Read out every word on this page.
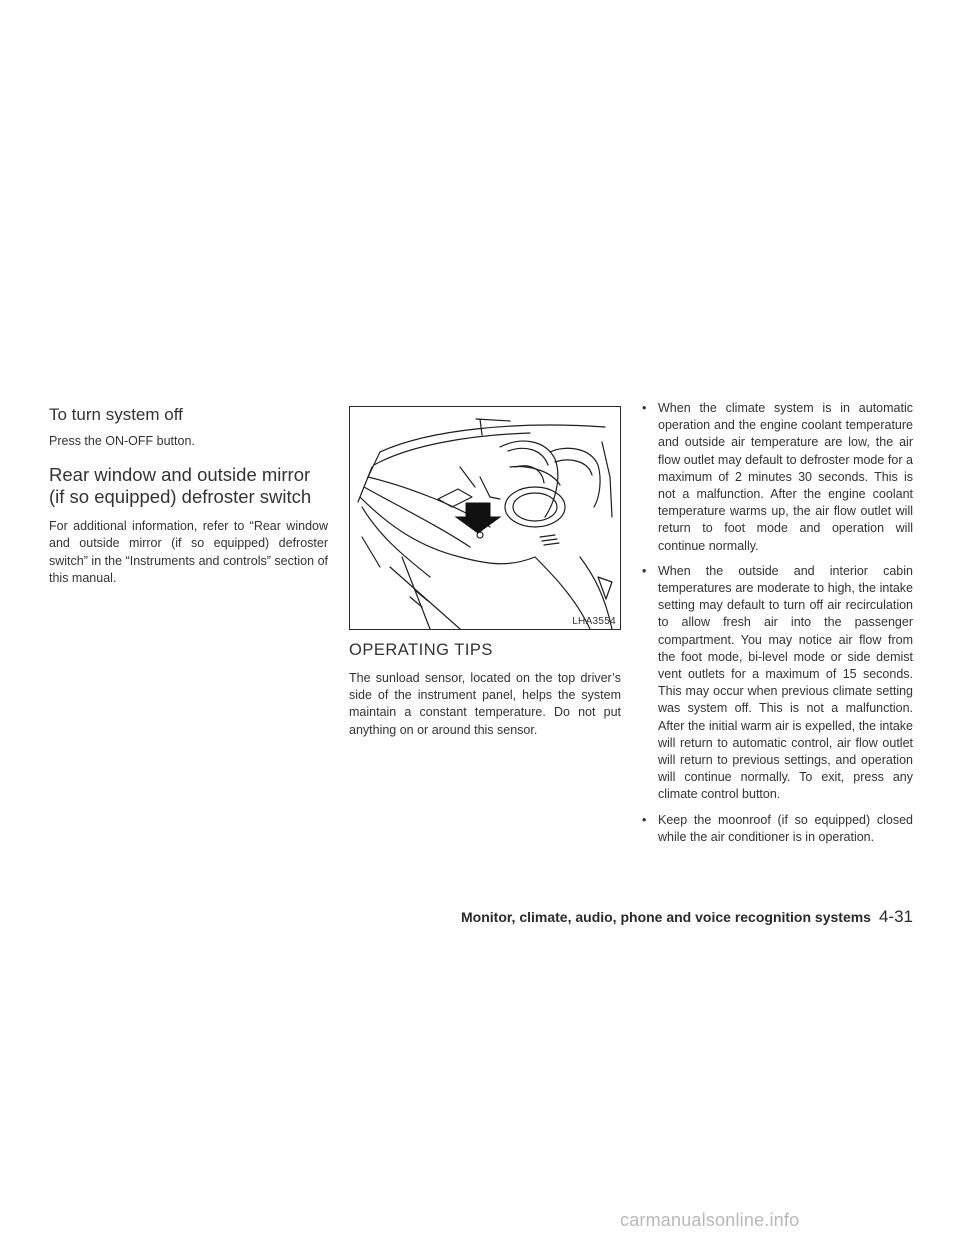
To turn system off

Press the ON-OFF button.

Rear window and outside mirror
(if so equipped) defroster switch

For additional information, refer to “Rear window and outside mirror (if so equipped) defroster switch” in the “Instruments and controls” section of this manual.

LHA3554
OPERATING TIPS

The sunload sensor, located on the top driver’s side of the instrument panel, helps the system maintain a constant temperature. Do not put anything on or around this sensor.

• When the climate system is in automatic operation and the engine coolant temperature and outside air temperature are low, the air flow outlet may default to defroster mode for a maximum of 2 minutes 30 seconds. This is not a malfunction. After the engine coolant temperature warms up, the air flow outlet will return to foot mode and operation will continue normally.
• When the outside and interior cabin temperatures are moderate to high, the intake setting may default to turn off air recirculation to allow fresh air into the passenger compartment. You may notice air flow from the foot mode, bi-level mode or side demist vent outlets for a maximum of 15 seconds. This may occur when previous climate setting was system off. This is not a malfunction. After the initial warm air is expelled, the intake will return to automatic control, air flow outlet will return to previous settings, and operation will continue normally. To exit, press any climate control button.
• Keep the moonroof (if so equipped) closed while the air conditioner is in operation.
Monitor, climate, audio, phone and voice recognition systems 4-31
carmanualsonline.info
